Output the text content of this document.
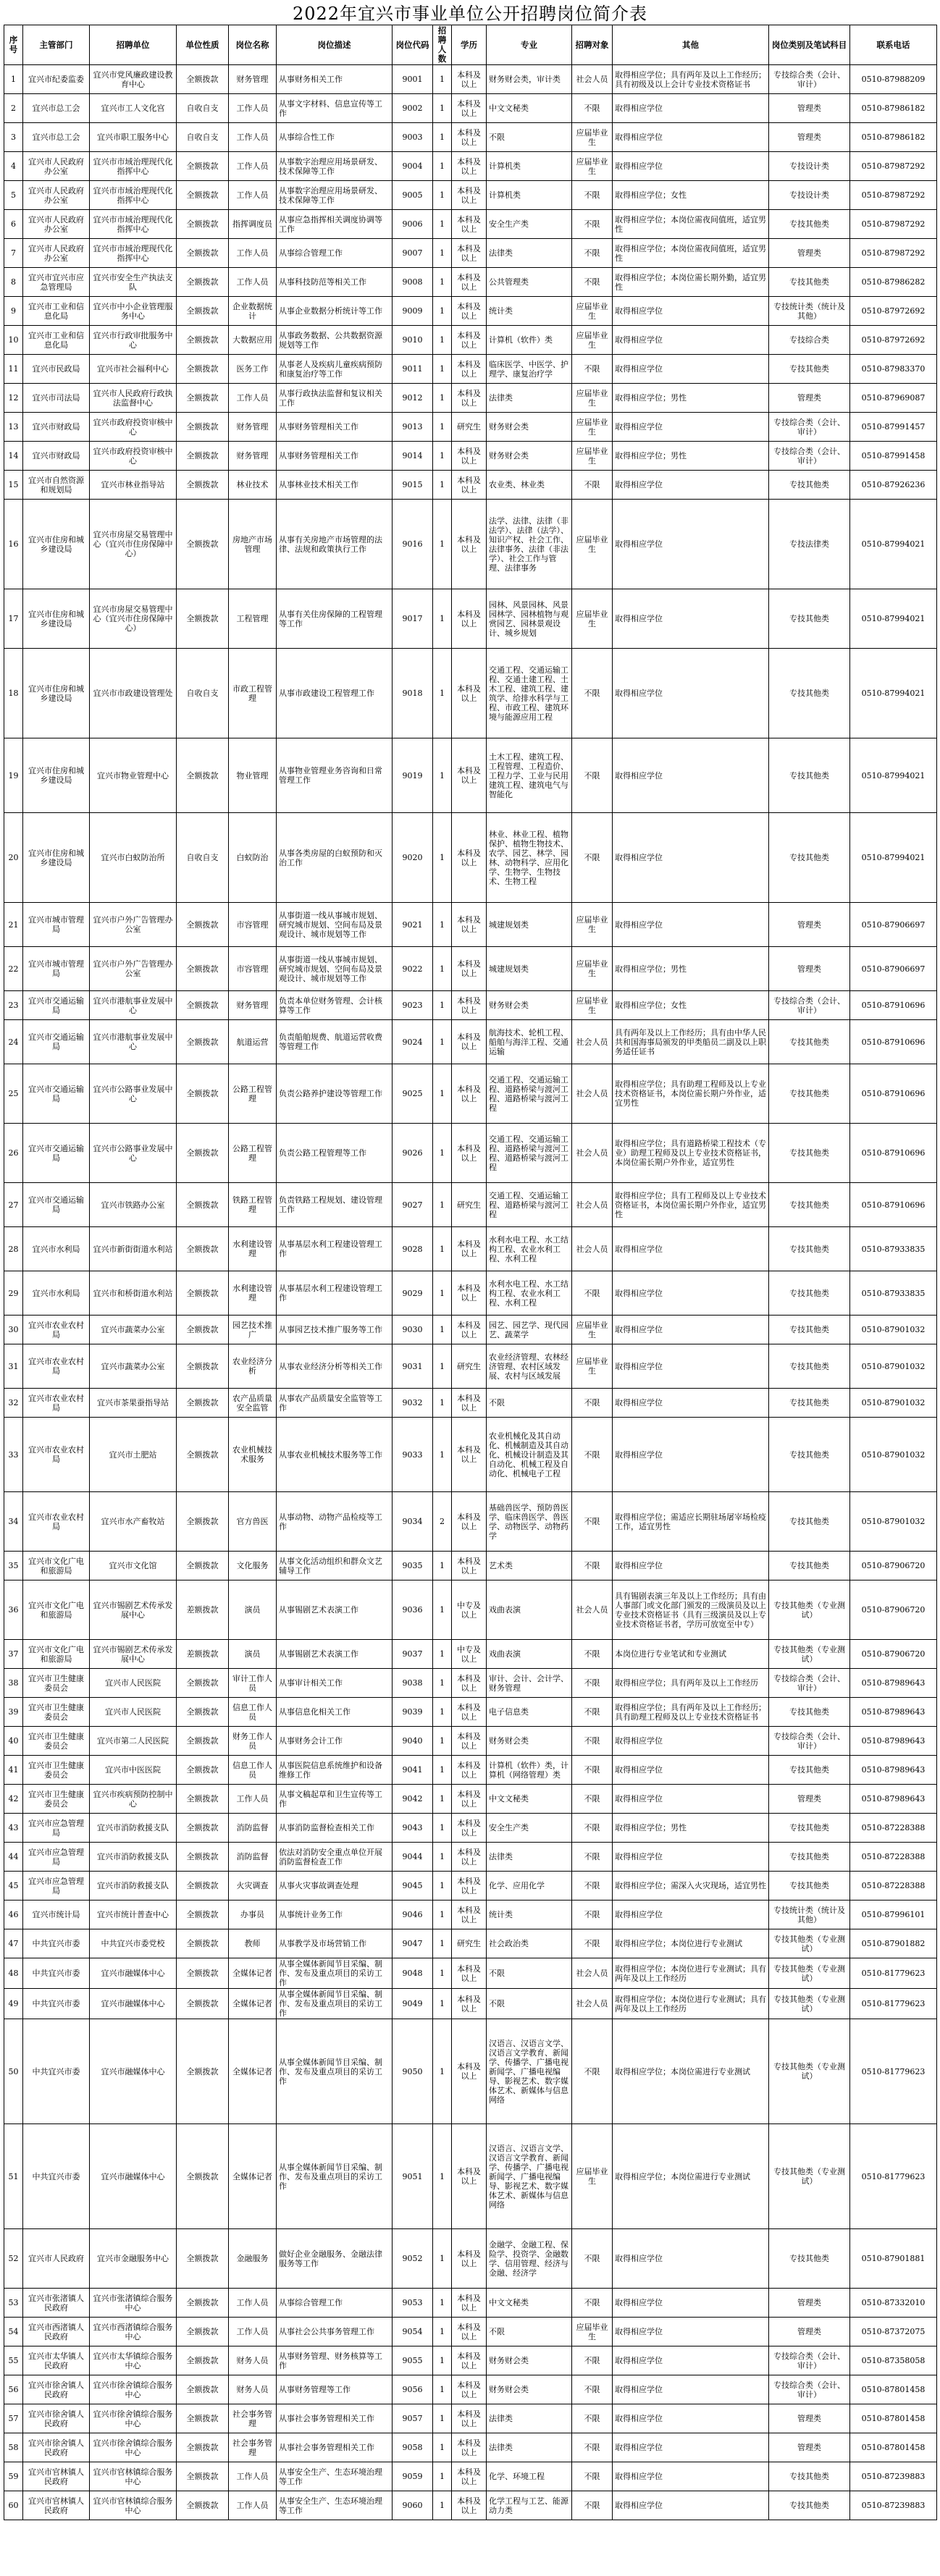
2022年宜兴市事业单位公开招聘岗位简介表
序号	主管部门	招聘单位	单位性质	岗位名称	岗位描述	岗位代码	招聘人数	学历	专业	招聘对象	其他	岗位类别及笔试科目	联系电话
1	宜兴市纪委监委	宜兴市党风廉政建设教育中心	全额拨款	财务管理	从事财务相关工作	9001	1	本科及以上	财务财会类，审计类	社会人员	取得相应学位；具有两年及以上工作经历；具有初级及以上会计专业技术资格证书	专技综合类（会计、审计）	0510-87988209
2	宜兴市总工会	宜兴市工人文化宫	自收自支	工作人员	从事文字材料、信息宣传等工作	9002	1	本科及以上	中文文秘类	不限	取得相应学位	管理类	0510-87986182
3	宜兴市总工会	宜兴市职工服务中心	自收自支	工作人员	从事综合性工作	9003	1	本科及以上	不限	应届毕业生	取得相应学位	管理类	0510-87986182
4	宜兴市人民政府办公室	宜兴市市域治理现代化指挥中心	全额拨款	工作人员	从事数字治理应用场景研发、技术保障等工作	9004	1	本科及以上	计算机类	应届毕业生	取得相应学位	专技设计类	0510-87987292
5	宜兴市人民政府办公室	宜兴市市域治理现代化指挥中心	全额拨款	工作人员	从事数字治理应用场景研发、技术保障等工作	9005	1	本科及以上	计算机类	不限	取得相应学位；女性	专技设计类	0510-87987292
6	宜兴市人民政府办公室	宜兴市市域治理现代化指挥中心	全额拨款	指挥调度员	从事应急指挥相关调度协调等工作	9006	1	本科及以上	安全生产类	不限	取得相应学位；本岗位需夜间值班，适宜男性	专技其他类	0510-87987292
7	宜兴市人民政府办公室	宜兴市市域治理现代化指挥中心	全额拨款	工作人员	从事综合管理工作	9007	1	本科及以上	法律类	不限	取得相应学位；本岗位需夜间值班，适宜男性	管理类	0510-87987292
8	宜兴市宜兴市应急管理局	宜兴市安全生产执法支队	全额拨款	工作人员	从事科技防范等相关工作	9008	1	本科及以上	公共管理类	不限	取得相应学位；本岗位需长期外勤，适宜男性	专技其他类	0510-87986282
9	宜兴市工业和信息化局	宜兴市中小企业管理服务中心	全额拨款	企业数据统计	从事企业数据分析统计等工作	9009	1	本科及以上	统计类	应届毕业生	取得相应学位	专技统计类（统计及其他）	0510-87972692
10	宜兴市工业和信息化局	宜兴市行政审批服务中心	全额拨款	大数据应用	从事政务数据、公共数据资源规划等工作	9010	1	本科及以上	计算机（软件）类	应届毕业生	取得相应学位	专技综合类	0510-87972692
11	宜兴市民政局	宜兴市社会福利中心	全额拨款	医务工作	从事老人及疾病儿童疾病预防和康复治疗等工作	9011	1	本科及以上	临床医学、中医学、护理学、康复治疗学	不限	取得相应学位	专技其他类	0510-87983370
12	宜兴市司法局	宜兴市人民政府行政执法监督中心	全额拨款	工作人员	从事行政执法监督和复议相关工作	9012	1	本科及以上	法律类	应届毕业生	取得相应学位；男性	管理类	0510-87969087
13	宜兴市财政局	宜兴市政府投资审核中心	全额拨款	财务管理	从事财务管理相关工作	9013	1	研究生	财务财会类	应届毕业生	取得相应学位	专技综合类（会计、审计）	0510-87991457
14	宜兴市财政局	宜兴市政府投资审核中心	全额拨款	财务管理	从事财务管理相关工作	9014	1	本科及以上	财务财会类	应届毕业生	取得相应学位；男性	专技综合类（会计、审计）	0510-87991458
15	宜兴市自然资源和规划局	宜兴市林业指导站	全额拨款	林业技术	从事林业技术相关工作	9015	1	本科及以上	农业类、林业类	不限	取得相应学位	专技其他类	0510-87926236
16	宜兴市住房和城乡建设局	宜兴市房屋交易管理中心（宜兴市住房保障中心）	全额拨款	房地产市场管理	从事有关房地产市场管理的法律、法规和政策执行工作	9016	1	本科及以上	法学、法律、法律（非法学）、法律（法学）、知识产权、社会工作、法律事务、法律（非法学）、社会工作与管理、法律事务	应届毕业生	取得相应学位	专技法律类	0510-87994021
17	宜兴市住房和城乡建设局	宜兴市房屋交易管理中心（宜兴市住房保障中心）	全额拨款	工程管理	从事有关住房保障的工程管理等工作	9017	1	本科及以上	园林、风景园林、风景园林学、园林植物与观赏园艺、园林景观设计、城乡规划	应届毕业生	取得相应学位	专技其他类	0510-87994021
18	宜兴市住房和城乡建设局	宜兴市市政建设管理处	自收自支	市政工程管理	从事市政建设工程管理工作	9018	1	本科及以上	交通工程、交通运输工程、交通土建工程、土木工程、建筑工程、建筑学、给排水科学与工程、市政工程、建筑环境与能源应用工程	不限	取得相应学位	专技其他类	0510-87994021
19	宜兴市住房和城乡建设局	宜兴市物业管理中心	全额拨款	物业管理	从事物业管理业务咨询和日常管理工作	9019	1	本科及以上	土木工程、建筑工程、工程管理、工程造价、工程力学、工业与民用建筑工程、建筑电气与智能化	不限	取得相应学位	专技其他类	0510-87994021
20	宜兴市住房和城乡建设局	宜兴市白蚁防治所	自收自支	白蚁防治	从事各类房屋的白蚁预防和灭治工作	9020	1	本科及以上	林业、林业工程、植物保护、植物生物技术、农学、园艺、林学、园林、动物科学、应用化学、生物学、生物技术、生物工程	不限	取得相应学位	专技其他类	0510-87994021
21	宜兴市城市管理局	宜兴市户外广告管理办公室	全额拨款	市容管理	从事街道一线从事城市规划、研究城市规划、空间布局及景观设计、城市规划等工作	9021	1	本科及以上	城建规划类	应届毕业生	取得相应学位	管理类	0510-87906697
22	宜兴市城市管理局	宜兴市户外广告管理办公室	全额拨款	市容管理	从事街道一线从事城市规划、研究城市规划、空间布局及景观设计、城市规划等工作	9022	1	本科及以上	城建规划类	应届毕业生	取得相应学位；男性	管理类	0510-87906697
23	宜兴市交通运输局	宜兴市港航事业发展中心	全额拨款	财务管理	负责本单位财务管理、会计核算等工作	9023	1	本科及以上	财务财会类	应届毕业生	取得相应学位；女性	专技综合类（会计、审计）	0510-87910696
24	宜兴市交通运输局	宜兴市港航事业发展中心	全额拨款	航道运营	负责船舶规费、航道运营收费等管理工作	9024	1	本科及以上	航海技术、轮机工程、船舶与海洋工程、交通运输	社会人员	具有两年及以上工作经历；具有由中华人民共和国海事局颁发的甲类船员二副及以上职务适任证书	专技其他类	0510-87910696
25	宜兴市交通运输局	宜兴市公路事业发展中心	全额拨款	公路工程管理	负责公路养护建设等管理工作	9025	1	本科及以上	交通工程、交通运输工程、道路桥梁与渡河工程、道路桥梁与渡河工程	社会人员	取得相应学位；具有助理工程师及以上专业技术资格证书，本岗位需长期户外作业，适宜男性	专技其他类	0510-87910696
26	宜兴市交通运输局	宜兴市公路事业发展中心	全额拨款	公路工程管理	负责公路工程管理等工作	9026	1	本科及以上	交通工程、交通运输工程、道路桥梁与渡河工程、道路桥梁与渡河工程	社会人员	取得相应学位；具有道路桥梁工程技术（专业）助理工程师及以上专业技术资格证书，本岗位需长期户外作业，适宜男性	专技其他类	0510-87910696
27	宜兴市交通运输局	宜兴市铁路办公室	全额拨款	铁路工程管理	负责铁路工程规划、建设管理工作	9027	1	研究生	交通工程、交通运输工程、道路桥梁与渡河工程	社会人员	取得相应学位；具有工程师及以上专业技术资格证书，本岗位需长期户外作业，适宜男性	专技其他类	0510-87910696
28	宜兴市水利局	宜兴市新街街道水利站	全额拨款	水利建设管理	从事基层水利工程建设管理工作	9028	1	本科及以上	水利水电工程、水工结构工程、农业水利工程、水利工程	社会人员	取得相应学位	专技其他类	0510-87933835
29	宜兴市水利局	宜兴市和桥街道水利站	全额拨款	水利建设管理	从事基层水利工程建设管理工作	9029	1	本科及以上	水利水电工程、水工结构工程、农业水利工程、水利工程	不限	取得相应学位	专技其他类	0510-87933835
30	宜兴市农业农村局	宜兴市蔬菜办公室	全额拨款	园艺技术推广	从事园艺技术推广服务等工作	9030	1	本科及以上	园艺、园艺学、现代园艺、蔬菜学	应届毕业生	取得相应学位	专技其他类	0510-87901032
31	宜兴市农业农村局	宜兴市蔬菜办公室	全额拨款	农业经济分析	从事农业经济分析等相关工作	9031	1	研究生	农业经济管理、农林经济管理、农村区域发展、农村与区域发展	应届毕业生	取得相应学位	专技其他类	0510-87901032
32	宜兴市农业农村局	宜兴市茶果蚕指导站	全额拨款	农产品质量安全监管	从事农产品质量安全监管等工作	9032	1	本科及以上	不限	不限	取得相应学位	专技其他类	0510-87901032
33	宜兴市农业农村局	宜兴市土肥站	全额拨款	农业机械技术服务	从事农业机械技术服务等工作	9033	1	本科及以上	农业机械化及其自动化、机械制造及其自动化、机械设计制造及其自动化、机械工程及自动化、机械电子工程	不限	取得相应学位	专技其他类	0510-87901032
34	宜兴市农业农村局	宜兴市水产畜牧站	全额拨款	官方兽医	从事动物、动物产品检疫等工作	9034	2	本科及以上	基础兽医学、预防兽医学、临床兽医学、兽医学、动物医学、动物药学	不限	取得相应学位；需适应长期驻场屠宰场检疫工作，适宜男性	专技其他类	0510-87901032
35	宜兴市文化广电和旅游局	宜兴市文化馆	全额拨款	文化服务	从事文化活动组织和群众文艺辅导工作	9035	1	本科及以上	艺术类	不限	取得相应学位	专技其他类	0510-87906720
36	宜兴市文化广电和旅游局	宜兴市锡剧艺术传承发展中心	差额拨款	演员	从事锡剧艺术表演工作	9036	1	中专及以上	戏曲表演	社会人员	具有锡剧表演三年及以上工作经历；具有由人事部门或文化部门颁发的三级演员及以上专业技术资格证书（具有三级演员及以上专业技术资格证书者，学历可放宽至中专）	专技其他类（专业测试）	0510-87906720
37	宜兴市文化广电和旅游局	宜兴市锡剧艺术传承发展中心	差额拨款	演员	从事锡剧艺术表演工作	9037	1	中专及以上	戏曲表演	不限	本岗位进行专业笔试和专业测试	专技其他类（专业测试）	0510-87906720
38	宜兴市卫生健康委员会	宜兴市人民医院	全额拨款	审计工作人员	从事审计相关工作	9038	1	本科及以上	审计、会计、会计学、财务管理	不限	取得相应学位；具有两年及以上工作经历	专技综合类（会计、审计）	0510-87989643
39	宜兴市卫生健康委员会	宜兴市人民医院	全额拨款	信息工作人员	从事信息化相关工作	9039	1	本科及以上	电子信息类	不限	取得相应学位；具有两年及以上工作经历；具有助理工程师及以上专业技术资格证书	专技其他类	0510-87989643
40	宜兴市卫生健康委员会	宜兴市第二人民医院	全额拨款	财务工作人员	从事财务会计工作	9040	1	本科及以上	财务财会类	不限	取得相应学位	专技综合类（会计、审计）	0510-87989643
41	宜兴市卫生健康委员会	宜兴市中医医院	全额拨款	信息工作人员	从事医院信息系统维护和设备维修工作	9041	1	本科及以上	计算机（软件）类，计算机（网络管理）类	不限	取得相应学位	专技其他类	0510-87989643
42	宜兴市卫生健康委员会	宜兴市疾病预防控制中心	全额拨款	工作人员	从事文稿起草和卫生宣传等工作	9042	1	本科及以上	中文文秘类	不限	取得相应学位	管理类	0510-87989643
43	宜兴市应急管理局	宜兴市消防救援支队	全额拨款	消防监督	从事消防监督检查相关工作	9043	1	本科及以上	安全生产类	不限	取得相应学位；男性	专技其他类	0510-87228388
44	宜兴市应急管理局	宜兴市消防救援支队	全额拨款	消防监督	依法对消防安全重点单位开展消防监督检查工作	9044	1	本科及以上	法律类	不限	取得相应学位	专技其他类	0510-87228388
45	宜兴市应急管理局	宜兴市消防救援支队	全额拨款	火灾调查	从事火灾事故调查处理	9045	1	本科及以上	化学、应用化学	不限	取得相应学位；需深入火灾现场，适宜男性	专技其他类	0510-87228388
46	宜兴市统计局	宜兴市统计普查中心	全额拨款	办事员	从事统计业务工作	9046	1	本科及以上	统计类	不限	取得相应学位	专技统计类（统计及其他）	0510-87996101
47	中共宜兴市委	中共宜兴市委党校	全额拨款	教师	从事教学及市场营销工作	9047	1	研究生	社会政治类	不限	取得相应学位；本岗位进行专业测试	专技其他类（专业测试）	0510-87901882
48	中共宜兴市委	宜兴市融媒体中心	全额拨款	全媒体记者	从事全媒体新闻节目采编、制作、发布及重点项目的采访工作	9048	1	本科及以上	不限	社会人员	取得相应学位；本岗位进行专业测试；具有两年及以上工作经历	专技其他类（专业测试）	0510-81779623
49	中共宜兴市委	宜兴市融媒体中心	全额拨款	全媒体记者	从事全媒体新闻节目采编、制作、发布及重点项目的采访工作	9049	1	本科及以上	不限	社会人员	取得相应学位；本岗位进行专业测试；具有两年及以上工作经历	专技其他类（专业测试）	0510-81779623
50	中共宜兴市委	宜兴市融媒体中心	全额拨款	全媒体记者	从事全媒体新闻节目采编、制作、发布及重点项目的采访工作	9050	1	本科及以上	汉语言、汉语言文学、汉语言文学教育、新闻学、传播学、广播电视新闻学、广播电视编导、影视艺术、数字媒体艺术、新媒体与信息网络	不限	取得相应学位；本岗位需进行专业测试	专技其他类（专业测试）	0510-81779623
51	中共宜兴市委	宜兴市融媒体中心	全额拨款	全媒体记者	从事全媒体新闻节目采编、制作、发布及重点项目的采访工作	9051	1	本科及以上	汉语言、汉语言文学、汉语言文学教育、新闻学、传播学、广播电视新闻学、广播电视编导、影视艺术、数字媒体艺术、新媒体与信息网络	应届毕业生	取得相应学位；本岗位需进行专业测试	专技其他类（专业测试）	0510-81779623
52	宜兴市人民政府	宜兴市金融服务中心	全额拨款	金融服务	做好企业金融服务、金融法律服务等工作	9052	1	本科及以上	金融学、金融工程、保险学、投资学、金融数学、信用管理、经济与金融、经济学	不限	取得相应学位	专技其他类	0510-87901881
53	宜兴市张渚镇人民政府	宜兴市张渚镇综合服务中心	全额拨款	工作人员	从事综合管理工作	9053	1	本科及以上	中文文秘类	不限	取得相应学位	管理类	0510-87332010
54	宜兴市西渚镇人民政府	宜兴市西渚镇综合服务中心	全额拨款	工作人员	从事社会公共事务管理工作	9054	1	本科及以上	不限	应届毕业生	取得相应学位	管理类	0510-87372075
55	宜兴市太华镇人民政府	宜兴市太华镇综合服务中心	全额拨款	财务人员	从事财务管理、财务核算等工作	9055	1	本科及以上	财务财会类	不限	取得相应学位	专技综合类（会计、审计）	0510-87358058
56	宜兴市徐舍镇人民政府	宜兴市徐舍镇综合服务中心	全额拨款	财务人员	从事财务管理等工作	9056	1	本科及以上	财务财会类	不限	取得相应学位	专技综合类（会计、审计）	0510-87801458
57	宜兴市徐舍镇人民政府	宜兴市徐舍镇综合服务中心	全额拨款	社会事务管理	从事社会事务管理相关工作	9057	1	本科及以上	法律类	不限	取得相应学位	管理类	0510-87801458
58	宜兴市徐舍镇人民政府	宜兴市徐舍镇综合服务中心	全额拨款	社会事务管理	从事社会事务管理相关工作	9058	1	本科及以上	法律类	不限	取得相应学位	管理类	0510-87801458
59	宜兴市官林镇人民政府	宜兴市官林镇综合服务中心	全额拨款	工作人员	从事安全生产、生态环境治理等工作	9059	1	本科及以上	化学、环境工程	不限	取得相应学位	专技其他类	0510-87239883
60	宜兴市官林镇人民政府	宜兴市官林镇综合服务中心	全额拨款	工作人员	从事安全生产、生态环境治理等工作	9060	1	本科及以上	化学工程与工艺、能源动力类	不限	取得相应学位	专技其他类	0510-87239883
